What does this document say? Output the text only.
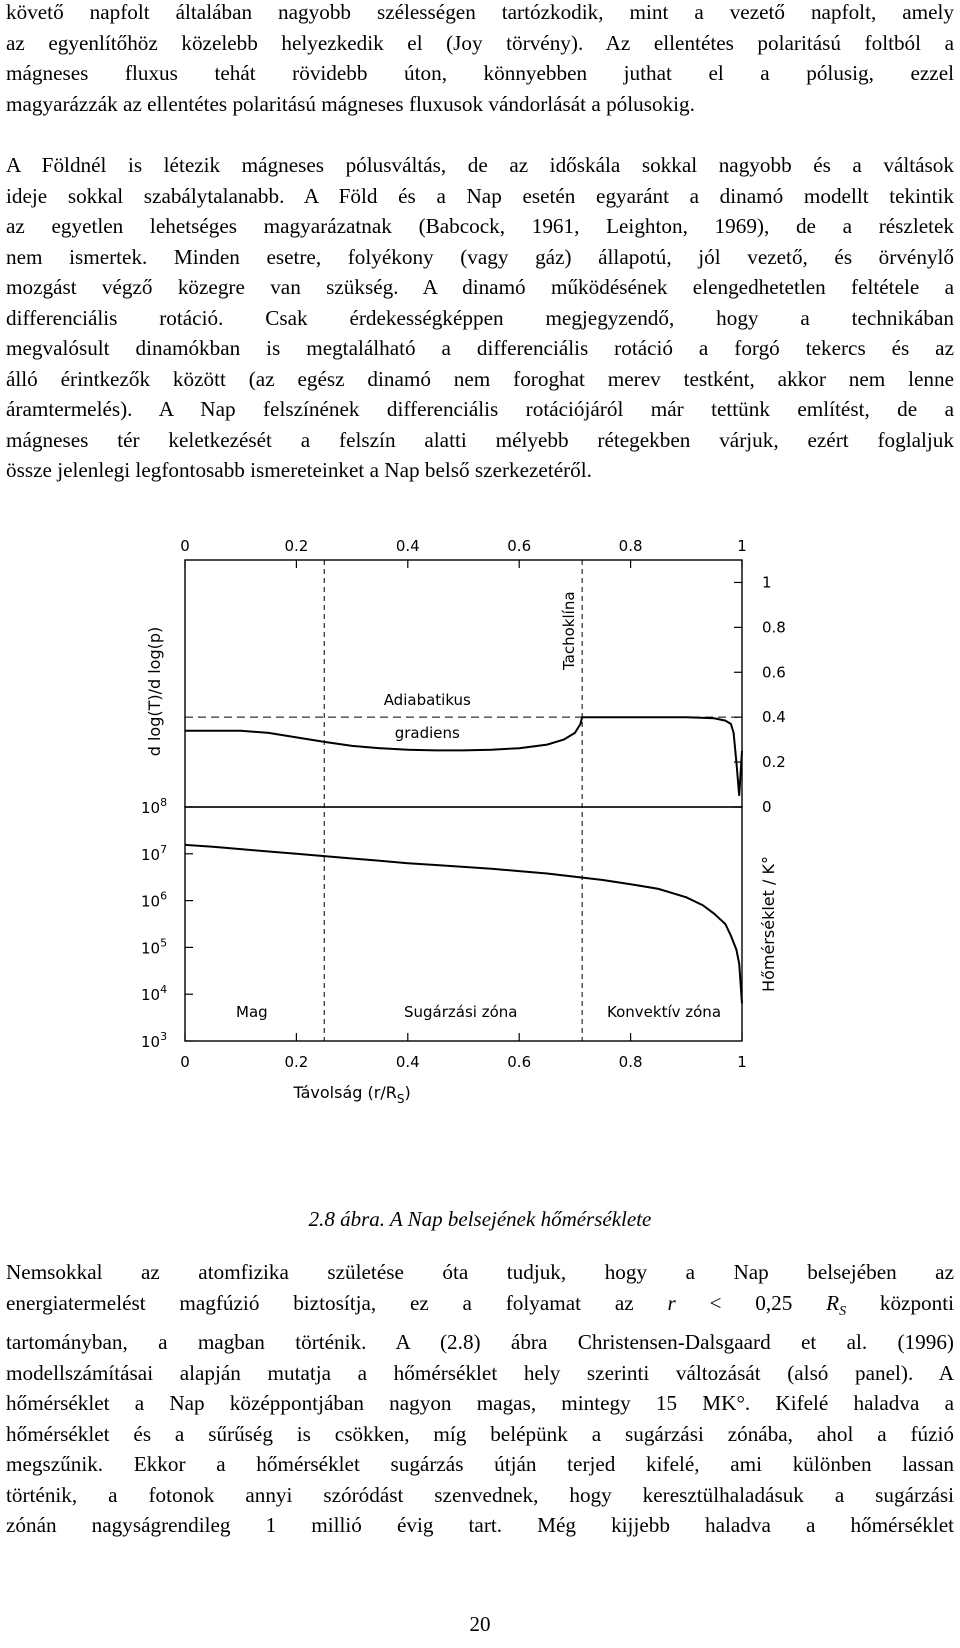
követő napfolt általában nagyobb szélességen tartózkodik, mint a vezető napfolt, amely
az egyenlítőhöz közelebb helyezkedik el (Joy törvény). Az ellentétes polaritású foltból a
mágneses fluxus tehát rövidebb úton, könnyebben juthat el a pólusig, ezzel
magyarázzák az ellentétes polaritású mágneses fluxusok vándorlását a pólusokig.
A Földnél is létezik mágneses pólusváltás, de az időskála sokkal nagyobb és a váltások
ideje sokkal szabálytalanabb. A Föld és a Nap esetén egyaránt a dinamó modellt tekintik
az egyetlen lehetséges magyarázatnak (Babcock, 1961, Leighton, 1969), de a részletek
nem ismertek. Minden esetre, folyékony (vagy gáz) állapotú, jól vezető, és örvénylő
mozgást végző közegre van szükség. A dinamó működésének elengedhetetlen feltétele a
differenciális rotáció. Csak érdekességképpen megjegyzendő, hogy a technikában
megvalósult dinamókban is megtalálható a differenciális rotáció a forgó tekercs és az
álló érintkezők között (az egész dinamó nem foroghat merev testként, akkor nem lenne
áramtermelés). A Nap felszínének differenciális rotációjáról már tettünk említést, de a
mágneses tér keletkezését a felszín alatti mélyebb rétegekben várjuk, ezért foglaljuk
össze jelenlegi legfontosabb ismereteinket a Nap belső szerkezetéről.
0	0.2	0.4	0.6	0.8	1
0
0.2
0.4
0.6
0.8
1
d log(T)/d log(p)	Tachoklína
Adiabatikus
gradiens
$10^3$
$10^4$
$10^5$
$10^6$
$10^7$
$10^8$
0	0.2	0.4	0.6	0.8	1
Távolság $(r/R_S)$
Hőmérséklet / K°
Mag	Sugárzási zóna	Konvektív zóna
2.8 ábra. A Nap belsejének hőmérséklete
Nemsokkal az atomfizika születése óta tudjuk, hogy a Nap belsejében az
energiatermelést magfúzió biztosítja, ez a folyamat az r < 0,25 $R_S$ központi
tartományban, a magban történik. A (2.8) ábra Christensen-Dalsgaard et al. (1996)
modellszámításai alapján mutatja a hőmérséklet hely szerinti változását (alsó panel). A
hőmérséklet a Nap középpontjában nagyon magas, mintegy 15 MK°. Kifelé haladva a
hőmérséklet és a sűrűség is csökken, míg belépünk a sugárzási zónába, ahol a fúzió
megszűnik. Ekkor a hőmérséklet sugárzás útján terjed kifelé, ami különben lassan
történik, a fotonok annyi szóródást szenvednek, hogy keresztülhaladásuk a sugárzási
zónán nagyságrendileg 1 millió évig tart. Még kijjebb haladva a hőmérséklet
20
